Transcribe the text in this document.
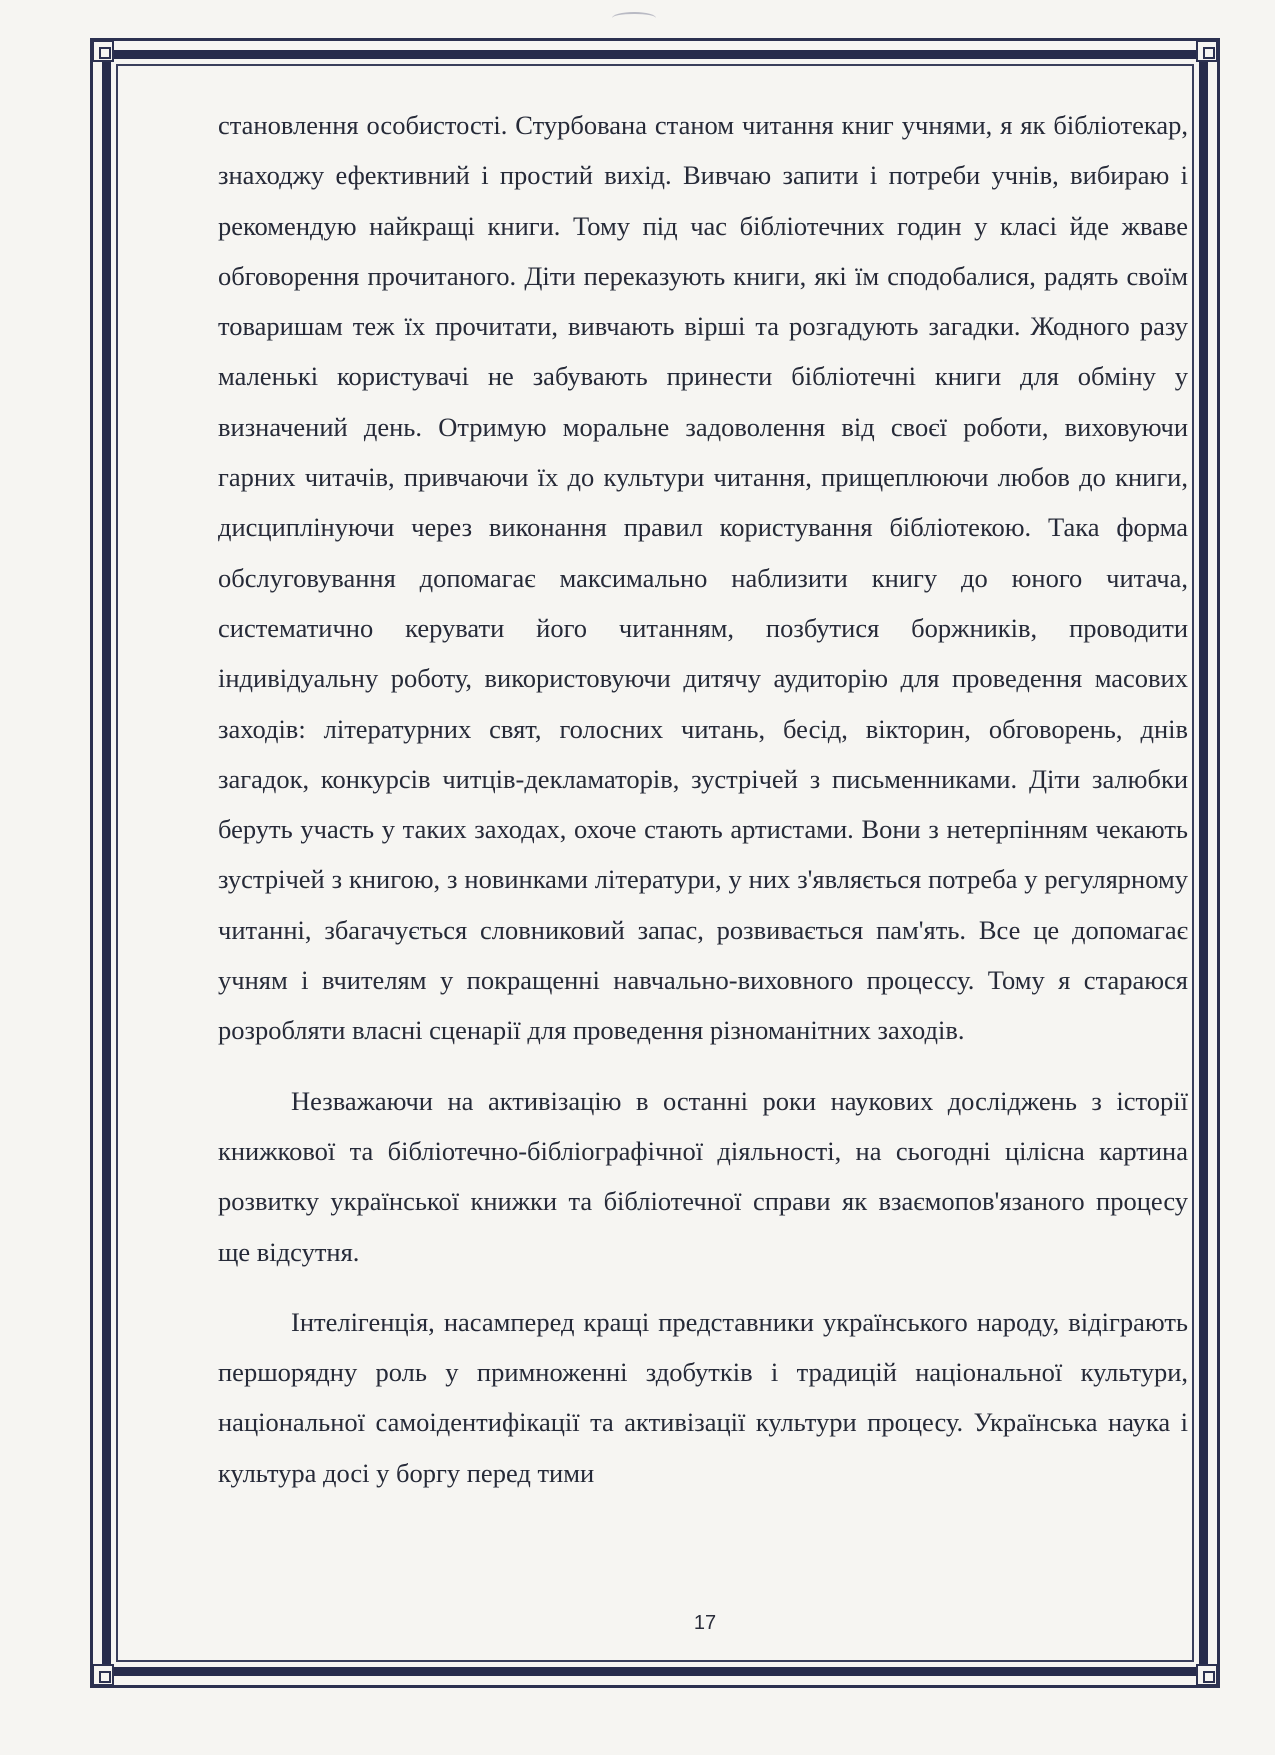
становлення особистості. Стурбована станом читання книг учнями, я як бібліотекар, знаходжу ефективний і простий вихід. Вивчаю запити і потреби учнів, вибираю і рекомендую найкращі книги. Тому під час бібліотечних годин у класі йде жваве обговорення прочитаного. Діти переказують книги, які їм сподобалися, радять своїм товаришам теж їх прочитати, вивчають вірші та розгадують загадки. Жодного разу маленькі користувачі не забувають принести бібліотечні книги для обміну у визначений день. Отримую моральне задоволення від своєї роботи, виховуючи гарних читачів, привчаючи їх до культури читання, прищеплюючи любов до книги, дисциплінуючи через виконання правил користування бібліотекою. Така форма обслуговування допомагає максимально наблизити книгу до юного читача, систематично керувати його читанням, позбутися боржників, проводити індивідуальну роботу, використовуючи дитячу аудиторію для проведення масових заходів: літературних свят, голосних читань, бесід, вікторин, обговорень, днів загадок, конкурсів читців-декламаторів, зустрічей з письменниками. Діти залюбки беруть участь у таких заходах, охоче стають артистами. Вони з нетерпінням чекають зустрічей з книгою, з новинками літератури, у них з'являється потреба у регулярному читанні, збагачується словниковий запас, розвивається пам'ять. Все це допомагає учням і вчителям у покращенні навчально-виховного процессу. Тому я стараюся розробляти власні сценарії для проведення різноманітних заходів.

Незважаючи на активізацію в останні роки наукових досліджень з історії книжкової та бібліотечно-бібліографічної діяльності, на сьогодні цілісна картина розвитку української книжки та бібліотечної справи як взаємопов'язаного процесу ще відсутня.

Інтелігенція, насамперед кращі представники українського народу, відіграють першорядну роль у примноженні здобутків і традицій національної культури, національної самоідентифікації та активізації культури процесу. Українська наука і культура досі у боргу перед тими

17
